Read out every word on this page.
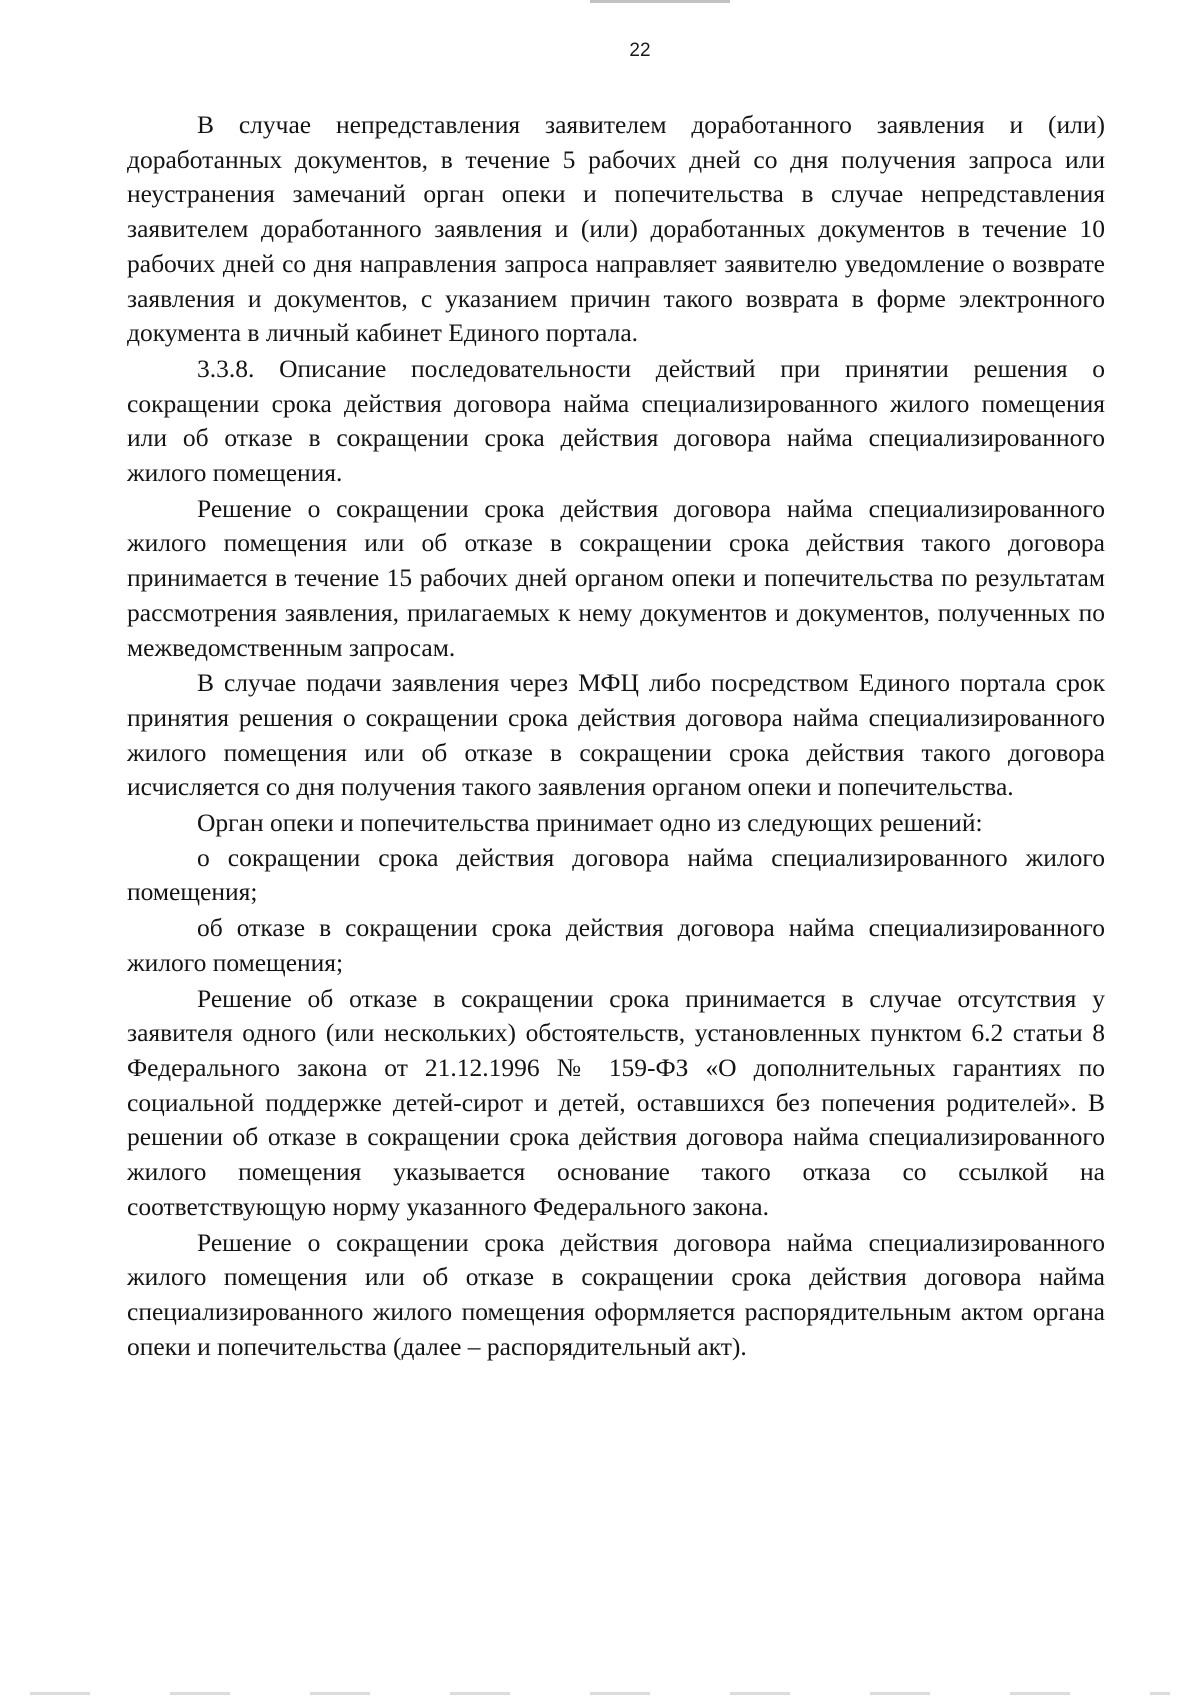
22

В случае непредставления заявителем доработанного заявления и (или) доработанных документов, в течение 5 рабочих дней со дня получения запроса или неустранения замечаний орган опеки и попечительства в случае непредставления заявителем доработанного заявления и (или) доработанных документов в течение 10 рабочих дней со дня направления запроса направляет заявителю уведомление о возврате заявления и документов, с указанием причин такого возврата в форме электронного документа в личный кабинет Единого портала.

3.3.8. Описание последовательности действий при принятии решения о сокращении срока действия договора найма специализированного жилого помещения или об отказе в сокращении срока действия договора найма специализированного жилого помещения.

Решение о сокращении срока действия договора найма специализированного жилого помещения или об отказе в сокращении срока действия такого договора принимается в течение 15 рабочих дней органом опеки и попечительства по результатам рассмотрения заявления, прилагаемых к нему документов и документов, полученных по межведомственным запросам.

В случае подачи заявления через МФЦ либо посредством Единого портала срок принятия решения о сокращении срока действия договора найма специализированного жилого помещения или об отказе в сокращении срока действия такого договора исчисляется со дня получения такого заявления органом опеки и попечительства.

Орган опеки и попечительства принимает одно из следующих решений:

о сокращении срока действия договора найма специализированного жилого помещения;

об отказе в сокращении срока действия договора найма специализированного жилого помещения;

Решение об отказе в сокращении срока принимается в случае отсутствия у заявителя одного (или нескольких) обстоятельств, установленных пунктом 6.2 статьи 8 Федерального закона от 21.12.1996 № 159-ФЗ «О дополнительных гарантиях по социальной поддержке детей-сирот и детей, оставшихся без попечения родителей». В решении об отказе в сокращении срока действия договора найма специализированного жилого помещения указывается основание такого отказа со ссылкой на соответствующую норму указанного Федерального закона.

Решение о сокращении срока действия договора найма специализированного жилого помещения или об отказе в сокращении срока действия договора найма специализированного жилого помещения оформляется распорядительным актом органа опеки и попечительства (далее – распорядительный акт).
